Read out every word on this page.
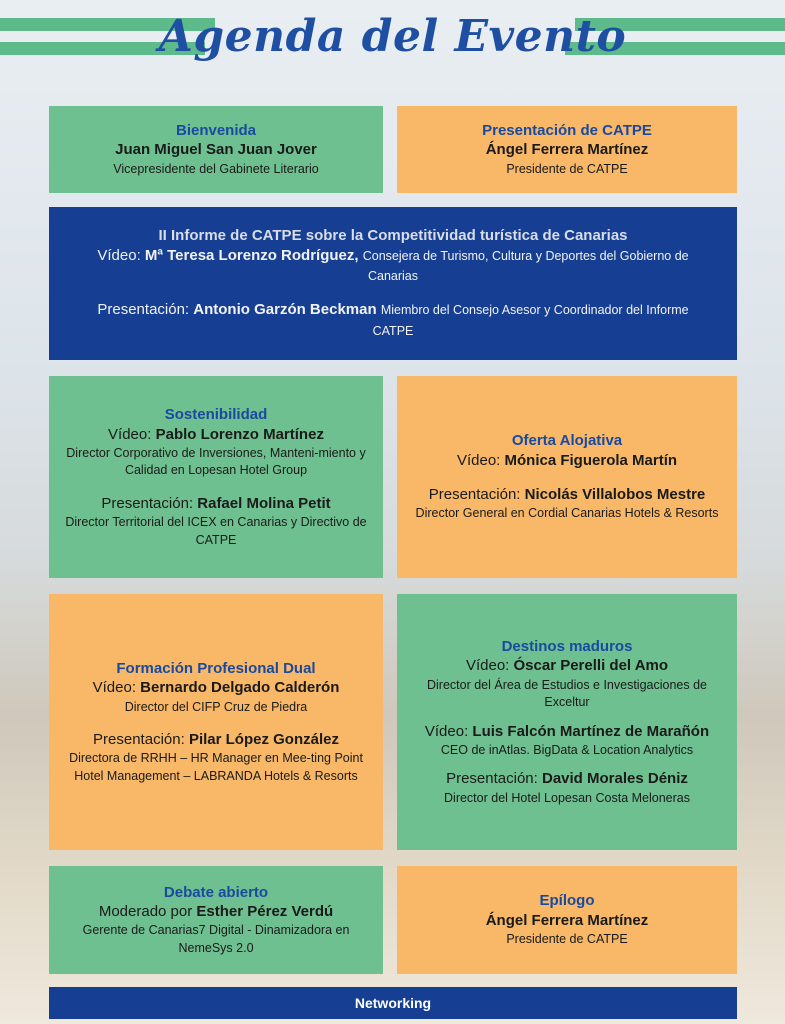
Agenda del Evento
Bienvenida
Juan Miguel San Juan Jover
Vicepresidente del Gabinete Literario
Presentación de CATPE
Ángel Ferrera Martínez
Presidente de CATPE
II Informe de CATPE sobre la Competitividad turística de Canarias
Vídeo: Mª Teresa Lorenzo Rodríguez, Consejera de Turismo, Cultura y Deportes del Gobierno de Canarias
Presentación: Antonio Garzón Beckman Miembro del Consejo Asesor y Coordinador del Informe CATPE
Sostenibilidad
Vídeo: Pablo Lorenzo Martínez
Director Corporativo de Inversiones, Manteni-miento y Calidad en Lopesan Hotel Group
Presentación: Rafael Molina Petit
Director Territorial del ICEX en Canarias y Directivo de CATPE
Oferta Alojativa
Vídeo: Mónica Figuerola Martín
Presentación: Nicolás Villalobos Mestre
Director General en Cordial Canarias Hotels & Resorts
Formación Profesional Dual
Vídeo: Bernardo Delgado Calderón
Director del CIFP Cruz de Piedra
Presentación: Pilar López González
Directora de RRHH – HR Manager en Mee-ting Point Hotel Management – LABRANDA Hotels & Resorts
Destinos maduros
Vídeo: Óscar Perelli del Amo
Director del Área de Estudios e Investigaciones de Exceltur
Vídeo: Luis Falcón Martínez de Marañón
CEO de inAtlas. BigData & Location Analytics
Presentación: David Morales Déniz
Director del Hotel Lopesan Costa Meloneras
Debate abierto
Moderado por Esther Pérez Verdú
Gerente de Canarias7 Digital - Dinamizadora en NemeSys 2.0
Epílogo
Ángel Ferrera Martínez
Presidente de CATPE
Networking
